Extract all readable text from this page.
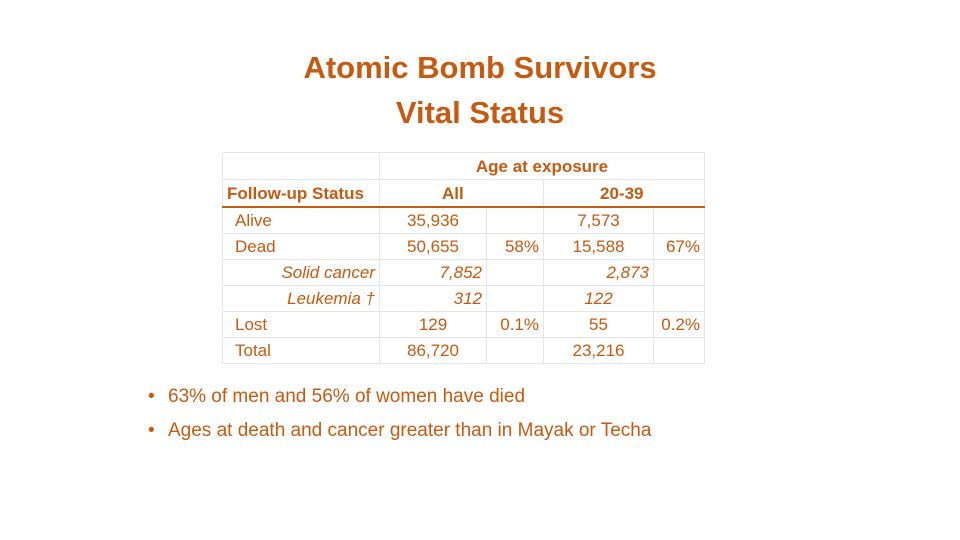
Atomic Bomb Survivors
Vital Status
	Age at exposure			
Follow-up Status	All		20-39	
Alive	35,936		7,573	
Dead	50,655	58%	15,588	67%
Solid cancer	7,852		2,873	
Leukemia †	312		122	
Lost	129	0.1%	55	0.2%
Total	86,720		23,216	
• 63% of men and 56% of women have died
• Ages at death and cancer greater than in Mayak or Techa
